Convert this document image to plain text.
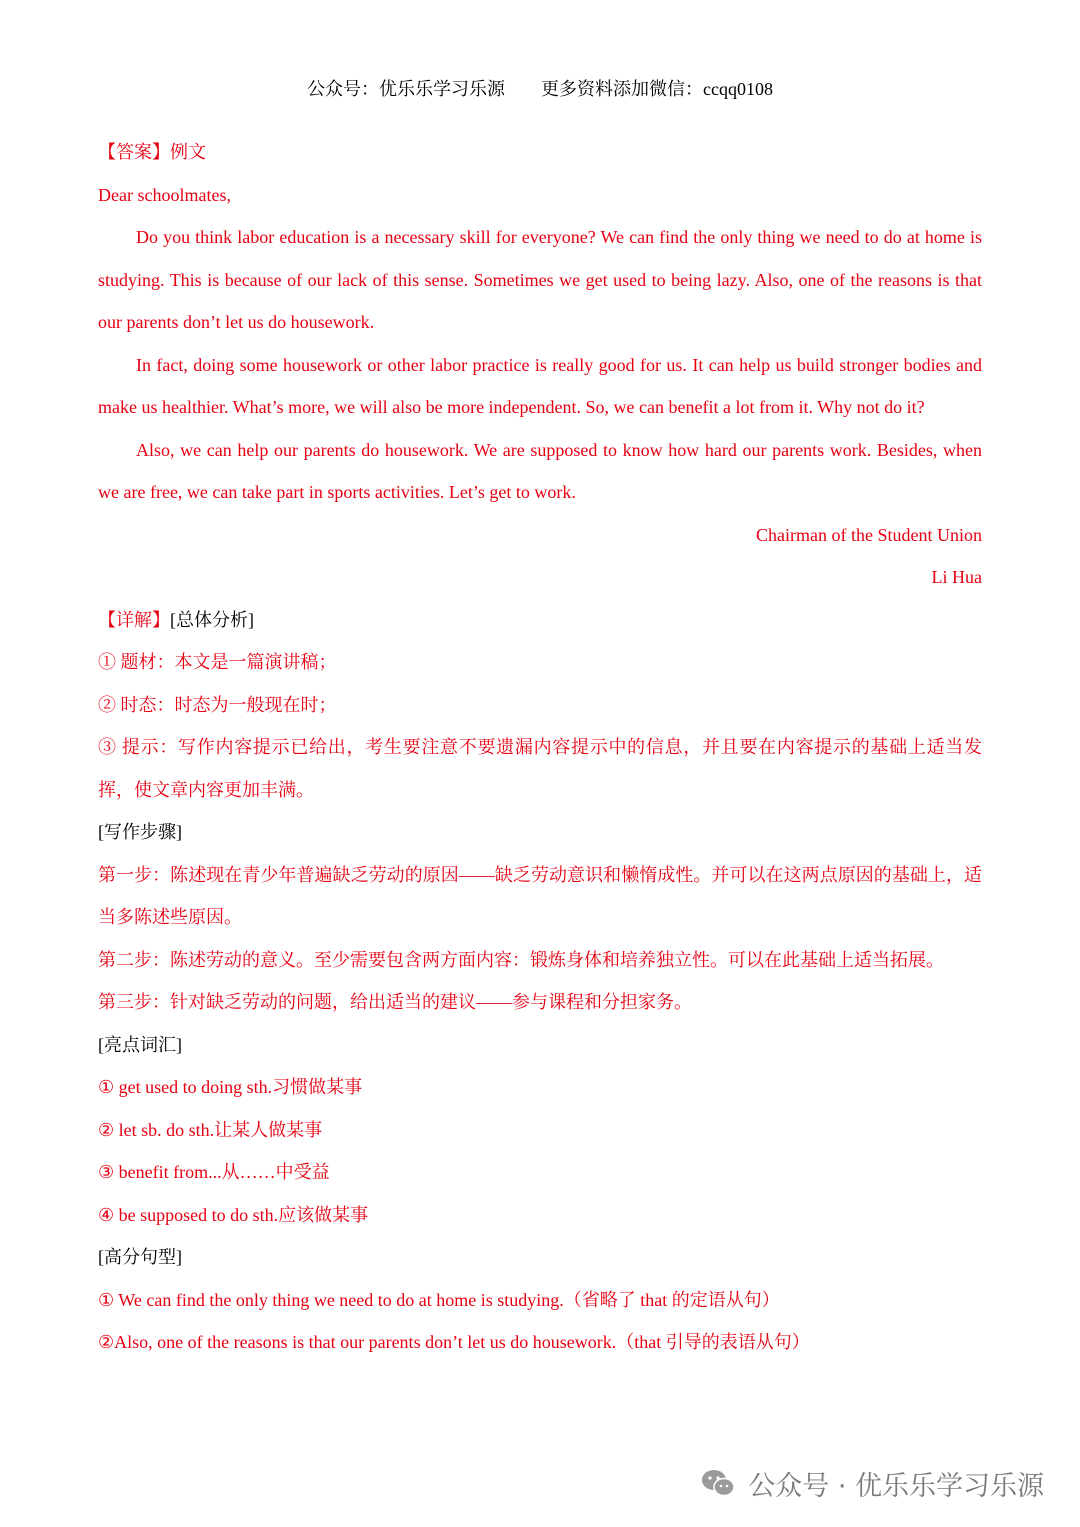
公众号：优乐乐学习乐源 更多资料添加微信：ccqq0108
【答案】例文
Dear schoolmates,
Do you think labor education is a necessary skill for everyone? We can find the only thing we need to do at home is studying. This is because of our lack of this sense. Sometimes we get used to being lazy. Also, one of the reasons is that our parents don’t let us do housework.
In fact, doing some housework or other labor practice is really good for us. It can help us build stronger bodies and make us healthier. What’s more, we will also be more independent. So, we can benefit a lot from it. Why not do it?
Also, we can help our parents do housework. We are supposed to know how hard our parents work. Besides, when we are free, we can take part in sports activities. Let’s get to work.
Chairman of the Student Union
Li Hua
【详解】[总体分析]
① 题材：本文是一篇演讲稿；
② 时态：时态为一般现在时；
③ 提示：写作内容提示已给出，考生要注意不要遗漏内容提示中的信息，并且要在内容提示的基础上适当发挥，使文章内容更加丰满。
[写作步骤]
第一步：陈述现在青少年普遍缺乏劳动的原因——缺乏劳动意识和懒惰成性。并可以在这两点原因的基础上，适当多陈述些原因。
第二步：陈述劳动的意义。至少需要包含两方面内容：锻炼身体和培养独立性。可以在此基础上适当拓展。
第三步：针对缺乏劳动的问题，给出适当的建议——参与课程和分担家务。
[亮点词汇]
① get used to doing sth.习惯做某事
② let sb. do sth.让某人做某事
③ benefit from...从……中受益
④ be supposed to do sth.应该做某事
[高分句型]
① We can find the only thing we need to do at home is studying.（省略了 that 的定语从句）
②Also, one of the reasons is that our parents don’t let us do housework.（that 引导的表语从句）
公众号 · 优乐乐学习乐源
